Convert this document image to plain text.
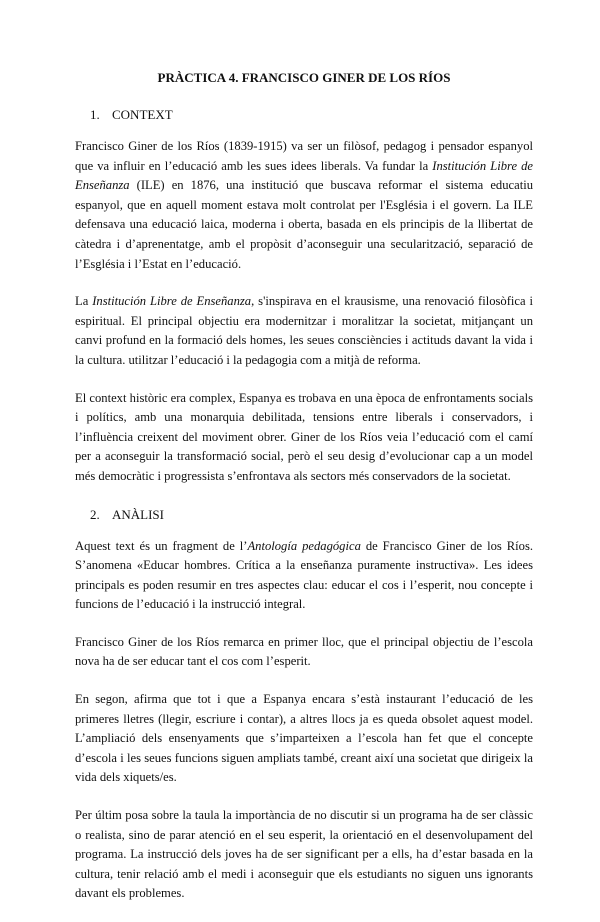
PRÀCTICA 4. FRANCISCO GINER DE LOS RÍOS
1. CONTEXT

Francisco Giner de los Ríos (1839-1915) va ser un filòsof, pedagog i pensador espanyol que va influir en l’educació amb les sues idees liberals. Va fundar la Institución Libre de Enseñanza (ILE) en 1876, una institució que buscava reformar el sistema educatiu espanyol, que en aquell moment estava molt controlat per l'Església i el govern. La ILE defensava una educació laica, moderna i oberta, basada en els principis de la llibertat de càtedra i d’aprenentatge, amb el propòsit d’aconseguir una secularització, separació de l’Església i l’Estat en l’educació.

La Institución Libre de Enseñanza, s'inspirava en el krausisme, una renovació filosòfica i espiritual. El principal objectiu era modernitzar i moralitzar la societat, mitjançant un canvi profund en la formació dels homes, les seues consciències i actituds davant la vida i la cultura. utilitzar l’educació i la pedagogia com a mitjà de reforma.

El context històric era complex, Espanya es trobava en una època de enfrontaments socials i polítics, amb una monarquia debilitada, tensions entre liberals i conservadors, i l’influència creixent del moviment obrer. Giner de los Ríos veia l’educació com el camí per a aconseguir la transformació social, però el seu desig d’evolucionar cap a un model més democràtic i progressista s’enfrontava als sectors més conservadors de la societat.

2. ANÀLISI

Aquest text és un fragment de l’Antología pedagógica de Francisco Giner de los Ríos. S’anomena «Educar hombres. Crítica a la enseñanza puramente instructiva». Les idees principals es poden resumir en tres aspectes clau: educar el cos i l’esperit, nou concepte i funcions de l’educació i la instrucció integral.

Francisco Giner de los Ríos remarca en primer lloc, que el principal objectiu de l’escola nova ha de ser educar tant el cos com l’esperit.

En segon, afirma que tot i que a Espanya encara s’està instaurant l’educació de les primeres lletres (llegir, escriure i contar), a altres llocs ja es queda obsolet aquest model. L’ampliació dels ensenyaments que s’imparteixen a l’escola han fet que el concepte d’escola i les seues funcions siguen ampliats també, creant així una societat que dirigeix la vida dels xiquets/es.

Per últim posa sobre la taula la importància de no discutir si un programa ha de ser clàssic o realista, sino de parar atenció en el seu esperit, la orientació en el desenvolupament del programa. La instrucció dels joves ha de ser significant per a ells, ha d’estar basada en la cultura, tenir relació amb el medi i aconseguir que els estudiants no siguen uns ignorants davant els problemes.
